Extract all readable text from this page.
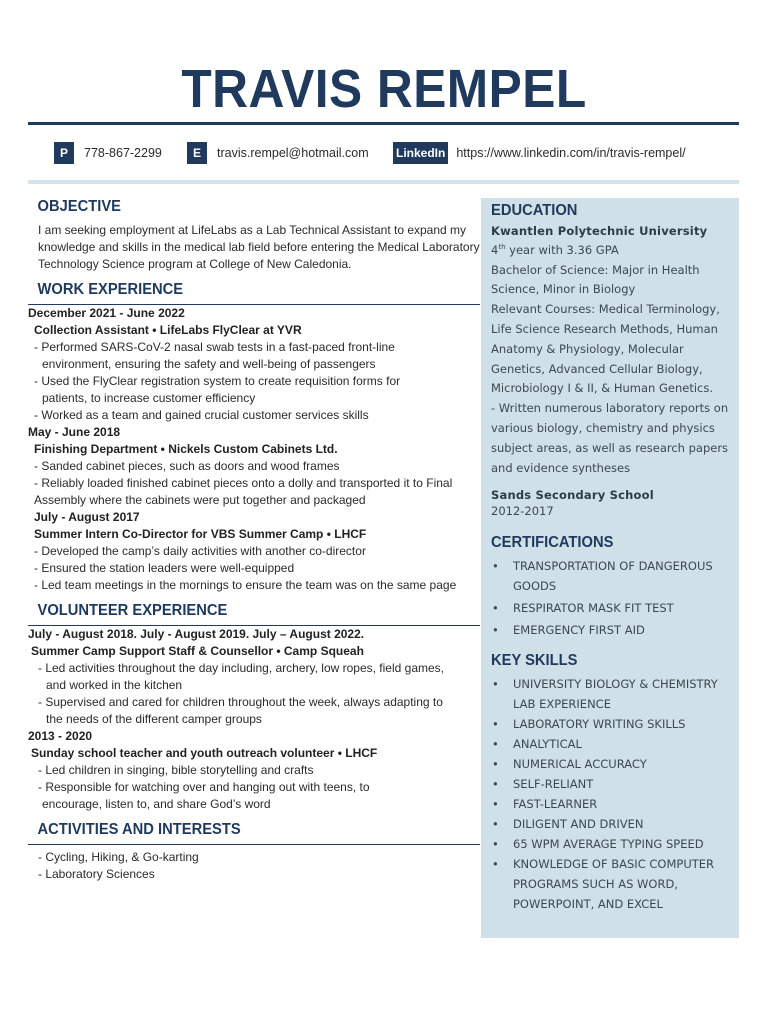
TRAVIS REMPEL
P	778-867-2299	E	travis.rempel@hotmail.com LinkedIn https://www.linkedin.com/in/travis-rempel/
OBJECTIVE
I am seeking employment at LifeLabs as a Lab Technical Assistant to expand my knowledge and skills in the medical lab field before entering the Medical Laboratory Technology Science program at College of New Caledonia.
WORK EXPERIENCE
December 2021 - June 2022
Collection Assistant • LifeLabs FlyClear at YVR
- Performed SARS-CoV-2 nasal swab tests in a fast-paced front-line
environment, ensuring the safety and well-being of passengers
- Used the FlyClear registration system to create requisition forms for
patients, to increase customer efficiency
- Worked as a team and gained crucial customer services skills
May - June 2018
Finishing Department • Nickels Custom Cabinets Ltd.
- Sanded cabinet pieces, such as doors and wood frames
- Reliably loaded finished cabinet pieces onto a dolly and transported it to Final
Assembly where the cabinets were put together and packaged
July - August 2017
Summer Intern Co-Director for VBS Summer Camp • LHCF
- Developed the camp’s daily activities with another co-director
- Ensured the station leaders were well-equipped
- Led team meetings in the mornings to ensure the team was on the same page
VOLUNTEER EXPERIENCE
July - August 2018. July - August 2019. July – August 2022.
Summer Camp Support Staff & Counsellor • Camp Squeah
- Led activities throughout the day including, archery, low ropes, field games,
and worked in the kitchen
- Supervised and cared for children throughout the week, always adapting to
the needs of the different camper groups
2013 - 2020
Sunday school teacher and youth outreach volunteer • LHCF
- Led children in singing, bible storytelling and crafts
- Responsible for watching over and hanging out with teens, to
encourage, listen to, and share God’s word
ACTIVITIES AND INTERESTS
- Cycling, Hiking, & Go-karting
- Laboratory Sciences
EDUCATION
Kwantlen Polytechnic University
4th year with 3.36 GPA
Bachelor of Science: Major in Health Science, Minor in Biology
Relevant Courses: Medical Terminology, Life Science Research Methods, Human Anatomy & Physiology, Molecular Genetics, Advanced Cellular Biology, Microbiology I & II, & Human Genetics.
- Written numerous laboratory reports on various biology, chemistry and physics subject areas, as well as research papers and evidence syntheses
Sands Secondary School
2012-2017
CERTIFICATIONS
• TRANSPORTATION OF DANGEROUS GOODS
• RESPIRATOR MASK FIT TEST
• EMERGENCY FIRST AID
KEY SKILLS
• UNIVERSITY BIOLOGY & CHEMISTRY LAB EXPERIENCE
• LABORATORY WRITING SKILLS
• ANALYTICAL
• NUMERICAL ACCURACY
• SELF-RELIANT
• FAST-LEARNER
• DILIGENT AND DRIVEN
• 65 WPM AVERAGE TYPING SPEED
• KNOWLEDGE OF BASIC COMPUTER PROGRAMS SUCH AS WORD, POWERPOINT, AND EXCEL
